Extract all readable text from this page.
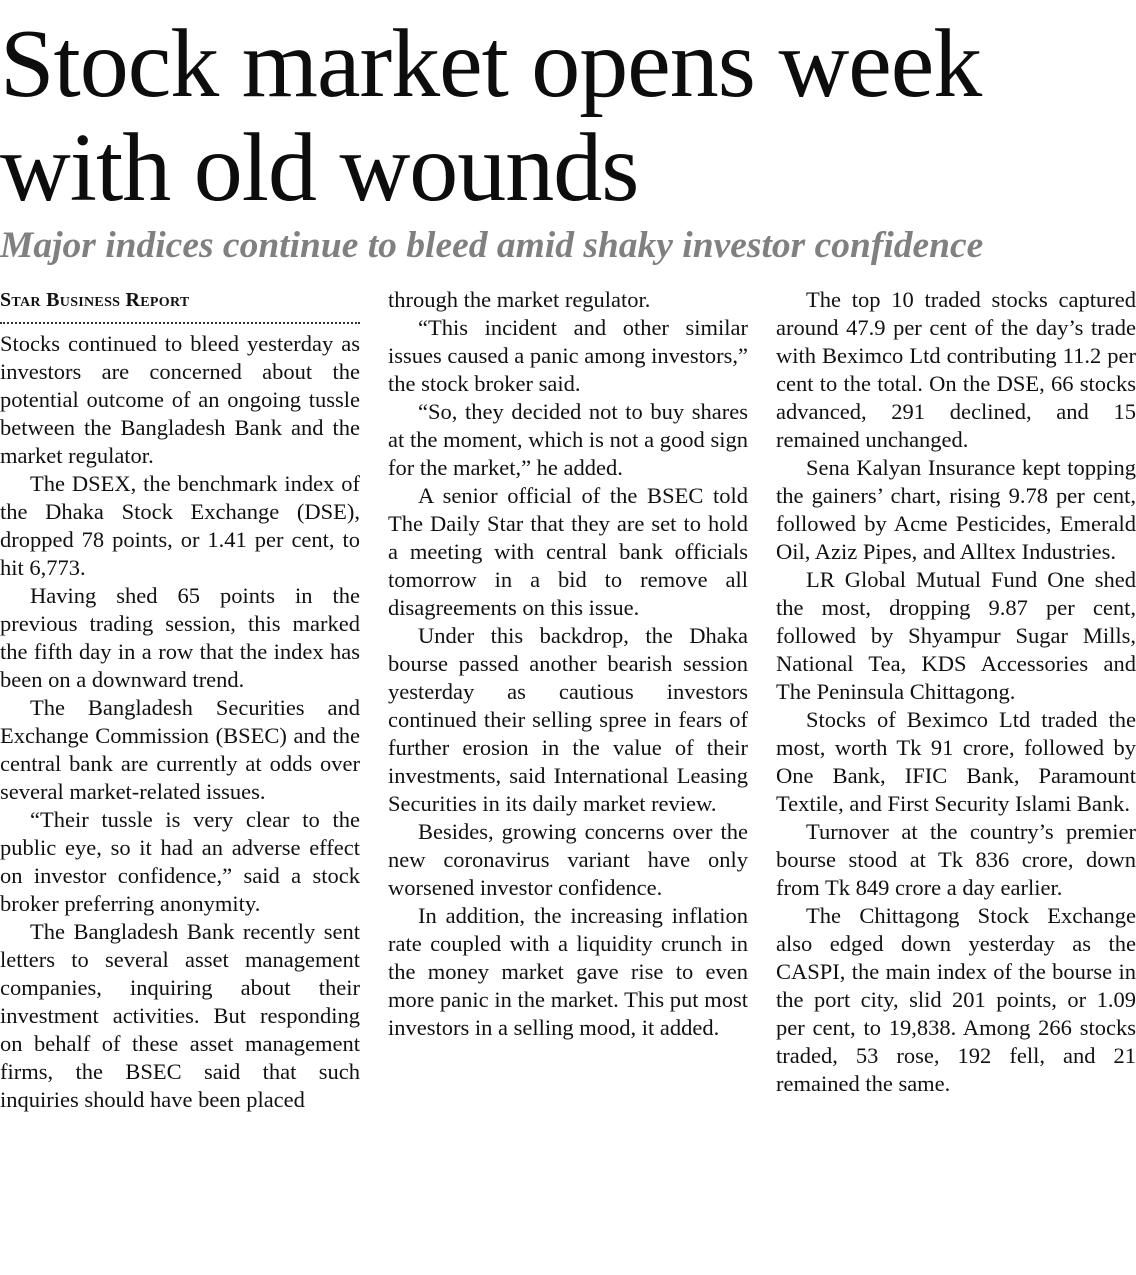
Stock market opens week with old wounds
Major indices continue to bleed amid shaky investor confidence
Star Business Report

Stocks continued to bleed yesterday as investors are concerned about the potential outcome of an ongoing tussle between the Bangladesh Bank and the market regulator.

The DSEX, the benchmark index of the Dhaka Stock Exchange (DSE), dropped 78 points, or 1.41 per cent, to hit 6,773.

Having shed 65 points in the previous trading session, this marked the fifth day in a row that the index has been on a downward trend.

The Bangladesh Securities and Exchange Commission (BSEC) and the central bank are currently at odds over several market-related issues.

“Their tussle is very clear to the public eye, so it had an adverse effect on investor confidence,” said a stock broker preferring anonymity.

The Bangladesh Bank recently sent letters to several asset management companies, inquiring about their investment activities. But responding on behalf of these asset management firms, the BSEC said that such inquiries should have been placed

through the market regulator.

“This incident and other similar issues caused a panic among investors,” the stock broker said.

“So, they decided not to buy shares at the moment, which is not a good sign for the market,” he added.

A senior official of the BSEC told The Daily Star that they are set to hold a meeting with central bank officials tomorrow in a bid to remove all disagreements on this issue.

Under this backdrop, the Dhaka bourse passed another bearish session yesterday as cautious investors continued their selling spree in fears of further erosion in the value of their investments, said International Leasing Securities in its daily market review.

Besides, growing concerns over the new coronavirus variant have only worsened investor confidence.

In addition, the increasing inflation rate coupled with a liquidity crunch in the money market gave rise to even more panic in the market. This put most investors in a selling mood, it added.

The top 10 traded stocks captured around 47.9 per cent of the day’s trade with Beximco Ltd contributing 11.2 per cent to the total. On the DSE, 66 stocks advanced, 291 declined, and 15 remained unchanged.

Sena Kalyan Insurance kept topping the gainers’ chart, rising 9.78 per cent, followed by Acme Pesticides, Emerald Oil, Aziz Pipes, and Alltex Industries.

LR Global Mutual Fund One shed the most, dropping 9.87 per cent, followed by Shyampur Sugar Mills, National Tea, KDS Accessories and The Peninsula Chittagong.

Stocks of Beximco Ltd traded the most, worth Tk 91 crore, followed by One Bank, IFIC Bank, Paramount Textile, and First Security Islami Bank.

Turnover at the country’s premier bourse stood at Tk 836 crore, down from Tk 849 crore a day earlier.

The Chittagong Stock Exchange also edged down yesterday as the CASPI, the main index of the bourse in the port city, slid 201 points, or 1.09 per cent, to 19,838. Among 266 stocks traded, 53 rose, 192 fell, and 21 remained the same.
